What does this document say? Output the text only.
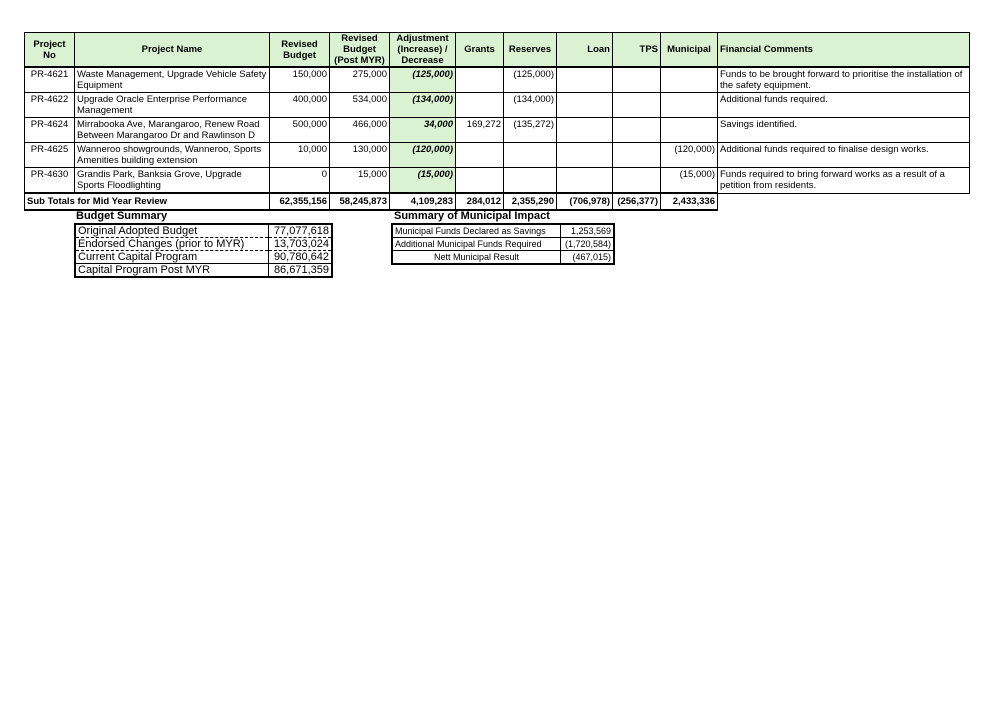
Project No	Project Name	Revised Budget	Revised Budget (Post MYR)	Adjustment (Increase) / Decrease	Grants	Reserves	Loan	TPS	Municipal	Financial Comments
PR-4621	Waste Management, Upgrade Vehicle Safety Equipment	150,000	275,000	(125,000)		(125,000)				Funds to be brought forward to prioritise the installation of the safety equipment.
PR-4622	Upgrade Oracle Enterprise Performance Management	400,000	534,000	(134,000)		(134,000)				Additional funds required.
PR-4624	Mirrabooka Ave, Marangaroo, Renew Road Between Marangaroo Dr and Rawlinson D	500,000	466,000	34,000	169,272	(135,272)				Savings identified.
PR-4625	Wanneroo showgrounds, Wanneroo, Sports Amenities building extension	10,000	130,000	(120,000)					(120,000)	Additional funds required to finalise design works.
PR-4630	Grandis Park, Banksia Grove, Upgrade Sports Floodlighting	0	15,000	(15,000)					(15,000)	Funds required to bring forward works as a result of a petition from residents.
Sub Totals for Mid Year Review		62,355,156	58,245,873	4,109,283	284,012	2,355,290	(706,978)	(256,377)	2,433,336	
Budget Summary
Original Adopted Budget	77,077,618
Endorsed Changes (prior to MYR)	13,703,024
Current Capital Program	90,780,642
Capital Program Post MYR	86,671,359
Summary of Municipal Impact
Municipal Funds Declared as Savings	1,253,569
Additional Municipal Funds Required	(1,720,584)
Nett Municipal Result	(467,015)
